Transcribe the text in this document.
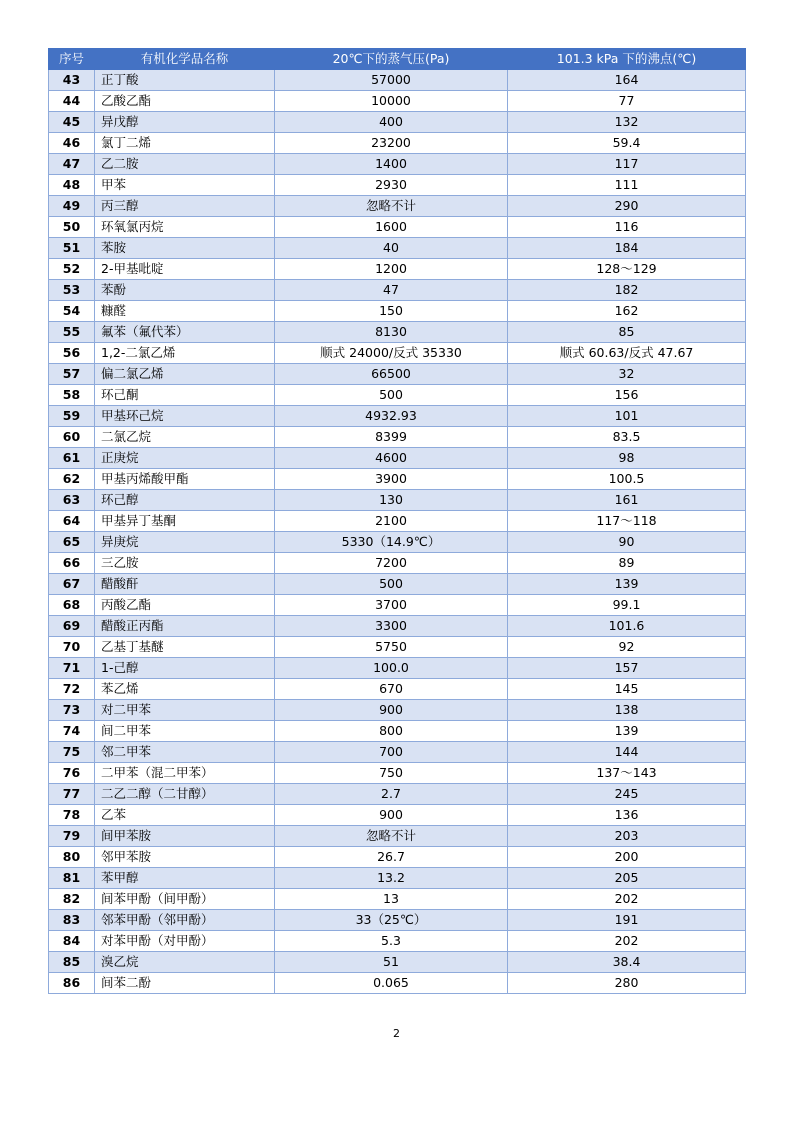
序号	有机化学品名称	20℃下的蒸气压(Pa)	101.3 kPa 下的沸点(℃)
43	正丁酸	57000	164
44	乙酸乙酯	10000	77
45	异戊醇	400	132
46	氯丁二烯	23200	59.4
47	乙二胺	1400	117
48	甲苯	2930	111
49	丙三醇	忽略不计	290
50	环氧氯丙烷	1600	116
51	苯胺	40	184
52	2-甲基吡啶	1200	128～129
53	苯酚	47	182
54	糠醛	150	162
55	氟苯（氟代苯）	8130	85
56	1,2-二氯乙烯	顺式 24000/反式 35330	顺式 60.63/反式 47.67
57	偏二氯乙烯	66500	32
58	环己酮	500	156
59	甲基环己烷	4932.93	101
60	二氯乙烷	8399	83.5
61	正庚烷	4600	98
62	甲基丙烯酸甲酯	3900	100.5
63	环己醇	130	161
64	甲基异丁基酮	2100	117～118
65	异庚烷	5330（14.9℃）	90
66	三乙胺	7200	89
67	醋酸酐	500	139
68	丙酸乙酯	3700	99.1
69	醋酸正丙酯	3300	101.6
70	乙基丁基醚	5750	92
71	1-己醇	100.0	157
72	苯乙烯	670	145
73	对二甲苯	900	138
74	间二甲苯	800	139
75	邻二甲苯	700	144
76	二甲苯（混二甲苯）	750	137～143
77	二乙二醇（二甘醇）	2.7	245
78	乙苯	900	136
79	间甲苯胺	忽略不计	203
80	邻甲苯胺	26.7	200
81	苯甲醇	13.2	205
82	间苯甲酚（间甲酚）	13	202
83	邻苯甲酚（邻甲酚）	33（25℃）	191
84	对苯甲酚（对甲酚）	5.3	202
85	溴乙烷	51	38.4
86	间苯二酚	0.065	280
2
